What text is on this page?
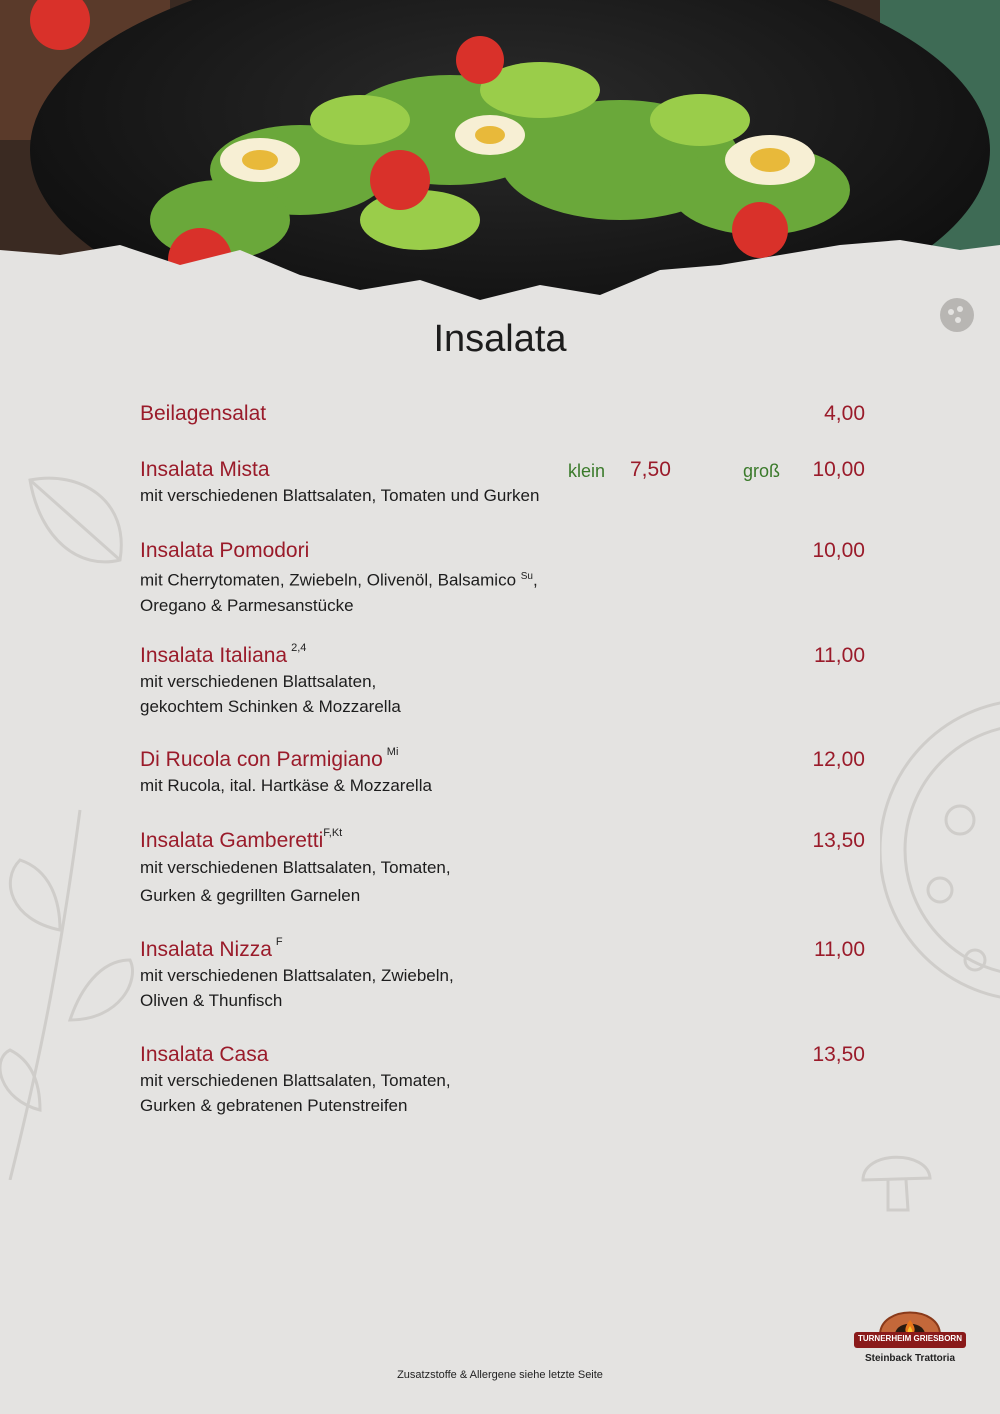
Insalata
Beilagensalat	4,00
Insalata Mista	klein 7,50	groß 10,00
mit verschiedenen Blattsalaten, Tomaten und Gurken
Insalata Pomodori	10,00
mit Cherrytomaten, Zwiebeln, Olivenöl, Balsamico $^{Su}$,
Oregano & Parmesanstücke
Insalata Italiana $^{2,4}$	11,00
mit verschiedenen Blattsalaten,
gekochtem Schinken & Mozzarella
Di Rucola con Parmigiano $^{Mi}$	12,00
mit Rucola, ital. Hartkäse & Mozzarella
Insalata Gamberetti$^{F,Kt}$	13,50
mit verschiedenen Blattsalaten, Tomaten,
Gurken & gegrillten Garnelen
Insalata Nizza $^F$	11,00
mit verschiedenen Blattsalaten, Zwiebeln,
Oliven & Thunfisch
Insalata Casa	13,50
mit verschiedenen Blattsalaten, Tomaten,
Gurken & gebratenen Putenstreifen
TURNERHEIM GRIESBORN
Steinback Trattoria
Zusatzstoffe & Allergene siehe letzte Seite
